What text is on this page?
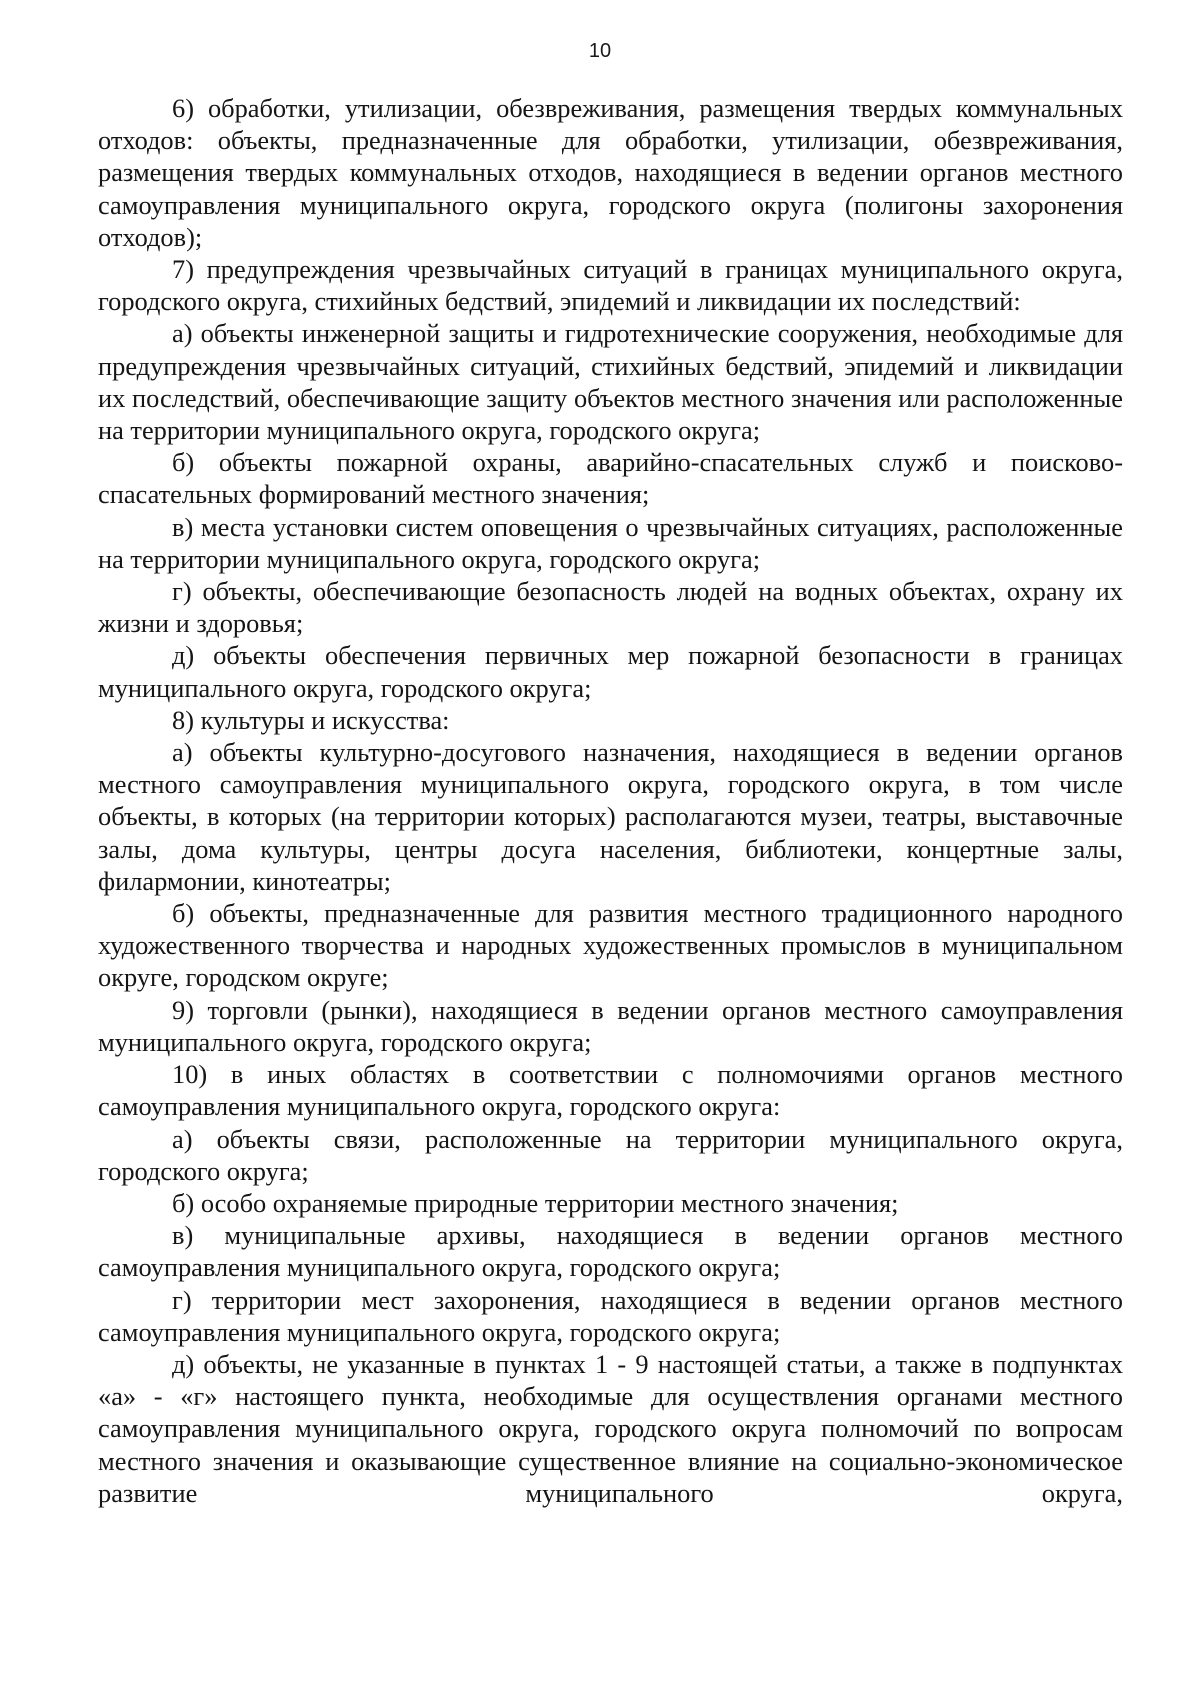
10

6) обработки, утилизации, обезвреживания, размещения твердых коммунальных отходов: объекты, предназначенные для обработки, утилизации, обезвреживания, размещения твердых коммунальных отходов, находящиеся в ведении органов местного самоуправления муниципального округа, городского округа (полигоны захоронения отходов);

7) предупреждения чрезвычайных ситуаций в границах муниципального округа, городского округа, стихийных бедствий, эпидемий и ликвидации их последствий:

а) объекты инженерной защиты и гидротехнические сооружения, необходимые для предупреждения чрезвычайных ситуаций, стихийных бедствий, эпидемий и ликвидации их последствий, обеспечивающие защиту объектов местного значения или расположенные на территории муниципального округа, городского округа;

б) объекты пожарной охраны, аварийно-спасательных служб и поисково-спасательных формирований местного значения;

в) места установки систем оповещения о чрезвычайных ситуациях, расположенные на территории муниципального округа, городского округа;

г) объекты, обеспечивающие безопасность людей на водных объектах, охрану их жизни и здоровья;

д) объекты обеспечения первичных мер пожарной безопасности в границах муниципального округа, городского округа;

8) культуры и искусства:

а) объекты культурно-досугового назначения, находящиеся в ведении органов местного самоуправления муниципального округа, городского округа, в том числе объекты, в которых (на территории которых) располагаются музеи, театры, выставочные залы, дома культуры, центры досуга населения, библиотеки, концертные залы, филармонии, кинотеатры;

б) объекты, предназначенные для развития местного традиционного народного художественного творчества и народных художественных промыслов в муниципальном округе, городском округе;

9) торговли (рынки), находящиеся в ведении органов местного самоуправления муниципального округа, городского округа;

10) в иных областях в соответствии с полномочиями органов местного самоуправления муниципального округа, городского округа:

а) объекты связи, расположенные на территории муниципального округа, городского округа;

б) особо охраняемые природные территории местного значения;

в) муниципальные архивы, находящиеся в ведении органов местного самоуправления муниципального округа, городского округа;

г) территории мест захоронения, находящиеся в ведении органов местного самоуправления муниципального округа, городского округа;

д) объекты, не указанные в пунктах 1 - 9 настоящей статьи, а также в подпунктах «а» - «г» настоящего пункта, необходимые для осуществления органами местного самоуправления муниципального округа, городского округа полномочий по вопросам местного значения и оказывающие существенное влияние на социально-экономическое развитие муниципального округа,
